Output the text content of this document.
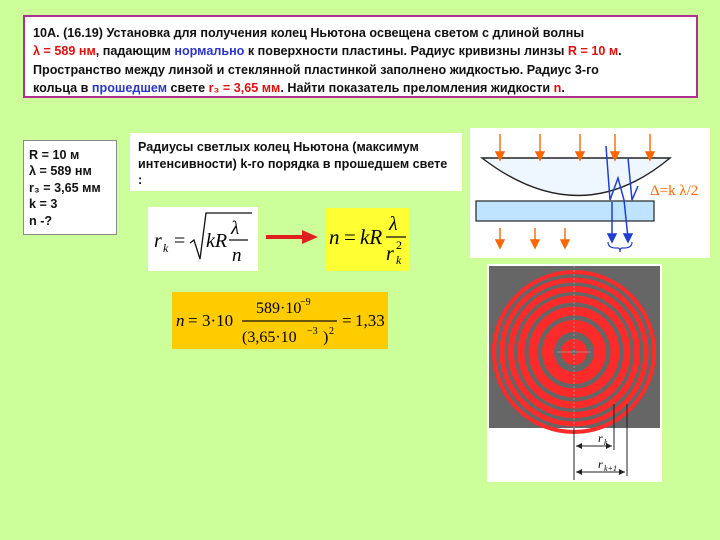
10A. (16.19) Установка для получения колец Ньютона освещена светом с длиной волны
λ = 589 нм, падающим нормально к поверхности пластины. Радиус кривизны линзы R = 10 м.
Пространство между линзой и стеклянной пластинкой заполнено жидкостью. Радиус 3-го
кольца в прошедшем свете r₃ = 3,65 мм. Найти показатель преломления жидкости n.
R = 10 м
λ = 589 нм
r₃ = 3,65 мм
k = 3
n -?
Радиусы светлых колец Ньютона (максимум интенсивности) k-го порядка в прошедшем свете :
r k = kR
λ
n
n = kR
λ
r k
2
n = 3·10
589·10
−9
(3,65·10 −3 ) 2
= 1,33
Δ=k λ/2
r k
r k+1
